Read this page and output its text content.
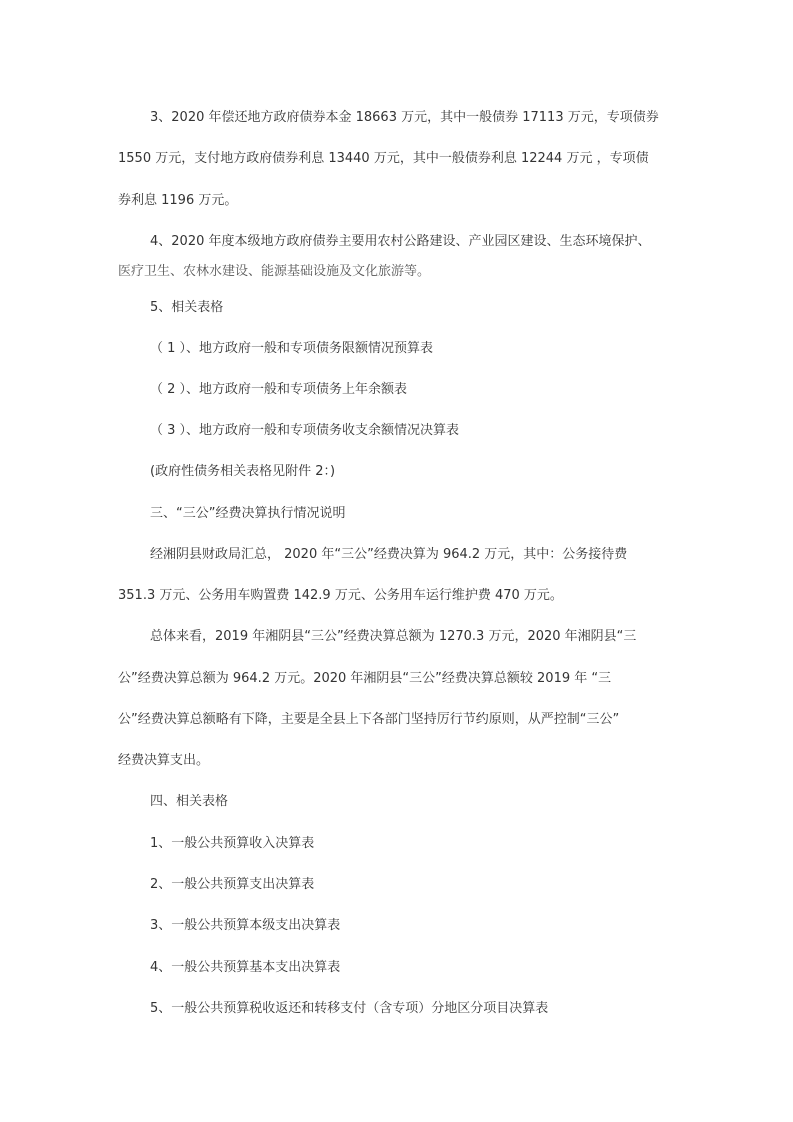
3、2020 年偿还地方政府债券本金 18663 万元，其中一般债券 17113 万元，专项债券
1550 万元，支付地方政府债券利息 13440 万元，其中一般债券利息 12244 万元 ，专项债
券利息 1196 万元。
4、2020 年度本级地方政府债券主要用农村公路建设、产业园区建设、生态环境保护、
医疗卫生、农林水建设、能源基础设施及文化旅游等。
5、相关表格
（ 1 ）、地方政府一般和专项债务限额情况预算表
（ 2 ）、地方政府一般和专项债务上年余额表
（ 3 ）、地方政府一般和专项债务收支余额情况决算表
(政府性债务相关表格见附件 2：)
三、“三公”经费决算执行情况说明
经湘阴县财政局汇总， 2020 年“三公”经费决算为 964.2 万元，其中：公务接待费
351.3 万元、公务用车购置费 142.9 万元、公务用车运行维护费 470 万元。
总体来看，2019 年湘阴县“三公”经费决算总额为 1270.3 万元，2020 年湘阴县“三
公”经费决算总额为 964.2 万元。2020 年湘阴县“三公”经费决算总额较 2019 年 “三
公”经费决算总额略有下降，主要是全县上下各部门坚持厉行节约原则，从严控制“三公”
经费决算支出。
四、相关表格
1、一般公共预算收入决算表
2、一般公共预算支出决算表
3、一般公共预算本级支出决算表
4、一般公共预算基本支出决算表
5、一般公共预算税收返还和转移支付（含专项）分地区分项目决算表
